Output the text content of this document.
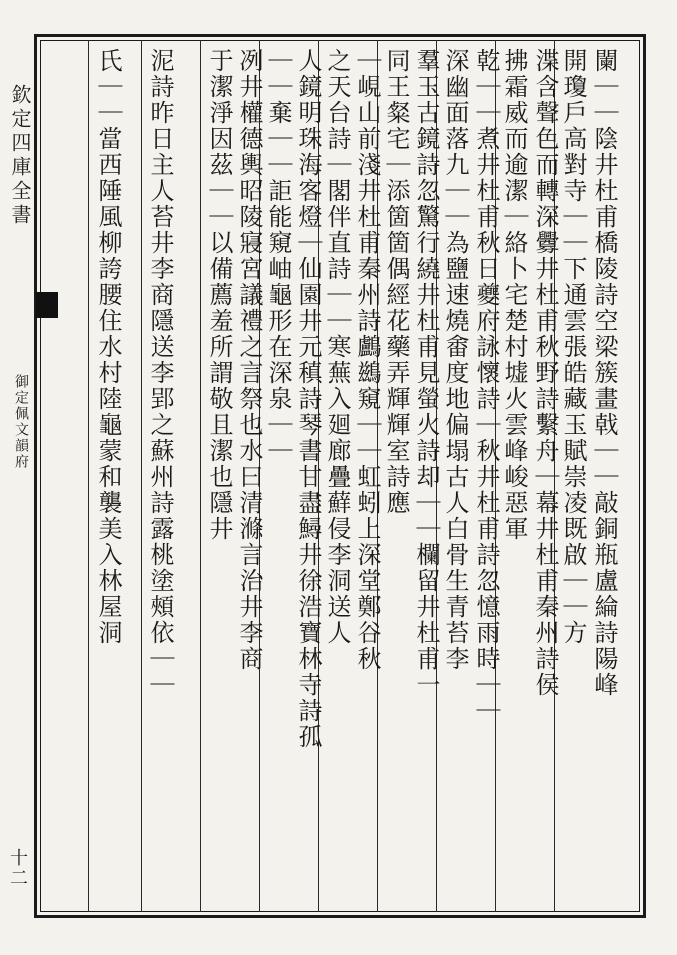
欽定四庫全書
御定佩文韻府
十二
闌｜｜陰井杜甫橋陵詩空梁簇畫戟｜｜敲銅瓶盧綸詩陽峰
開瓊戶高對寺｜｜下通雲張皓藏玉賦崇凌既啟｜｜方
渫含聲色而轉深釁井杜甫秋野詩繫舟｜幕井杜甫秦州詩侯
拂霜威而逾潔｜絡卜宅楚村墟火雲峰峻惡軍
乾｜｜煮井杜甫秋日夔府詠懷詩｜秋井杜甫詩忽憶雨時｜｜
深幽面落九｜｜為鹽速燒畬度地偏塌古人白骨生青苔李
羣玉古鏡詩忽驚行繞井杜甫見螢火詩却｜｜欄留井杜甫一
同王粲宅｜添箇箇偶經花藥弄輝輝室詩應
｜峴山前淺井杜甫秦州詩鸕鷀窺｜｜虹蚓上深堂鄭谷秋
之天台詩｜閣伴直詩｜｜寒蕪入廻廊疊蘚侵李洞送人
人鏡明珠海客燈｜仙園井元稹詩琴書甘盡鱘井徐浩寶林寺詩孤
｜｜棄｜｜詎能窺岫龜形在深泉｜｜
冽井權德輿昭陵寢宮議禮之言祭也水曰清滌言治井李商
于潔淨因茲｜｜以備薦羞所謂敬且潔也隱井
泥詩昨日主人苔井李商隱送李郢之蘇州詩露桃塗頰依｜｜
氏｜｜當西陲風柳誇腰住水村陸龜蒙和襲美入林屋洞
